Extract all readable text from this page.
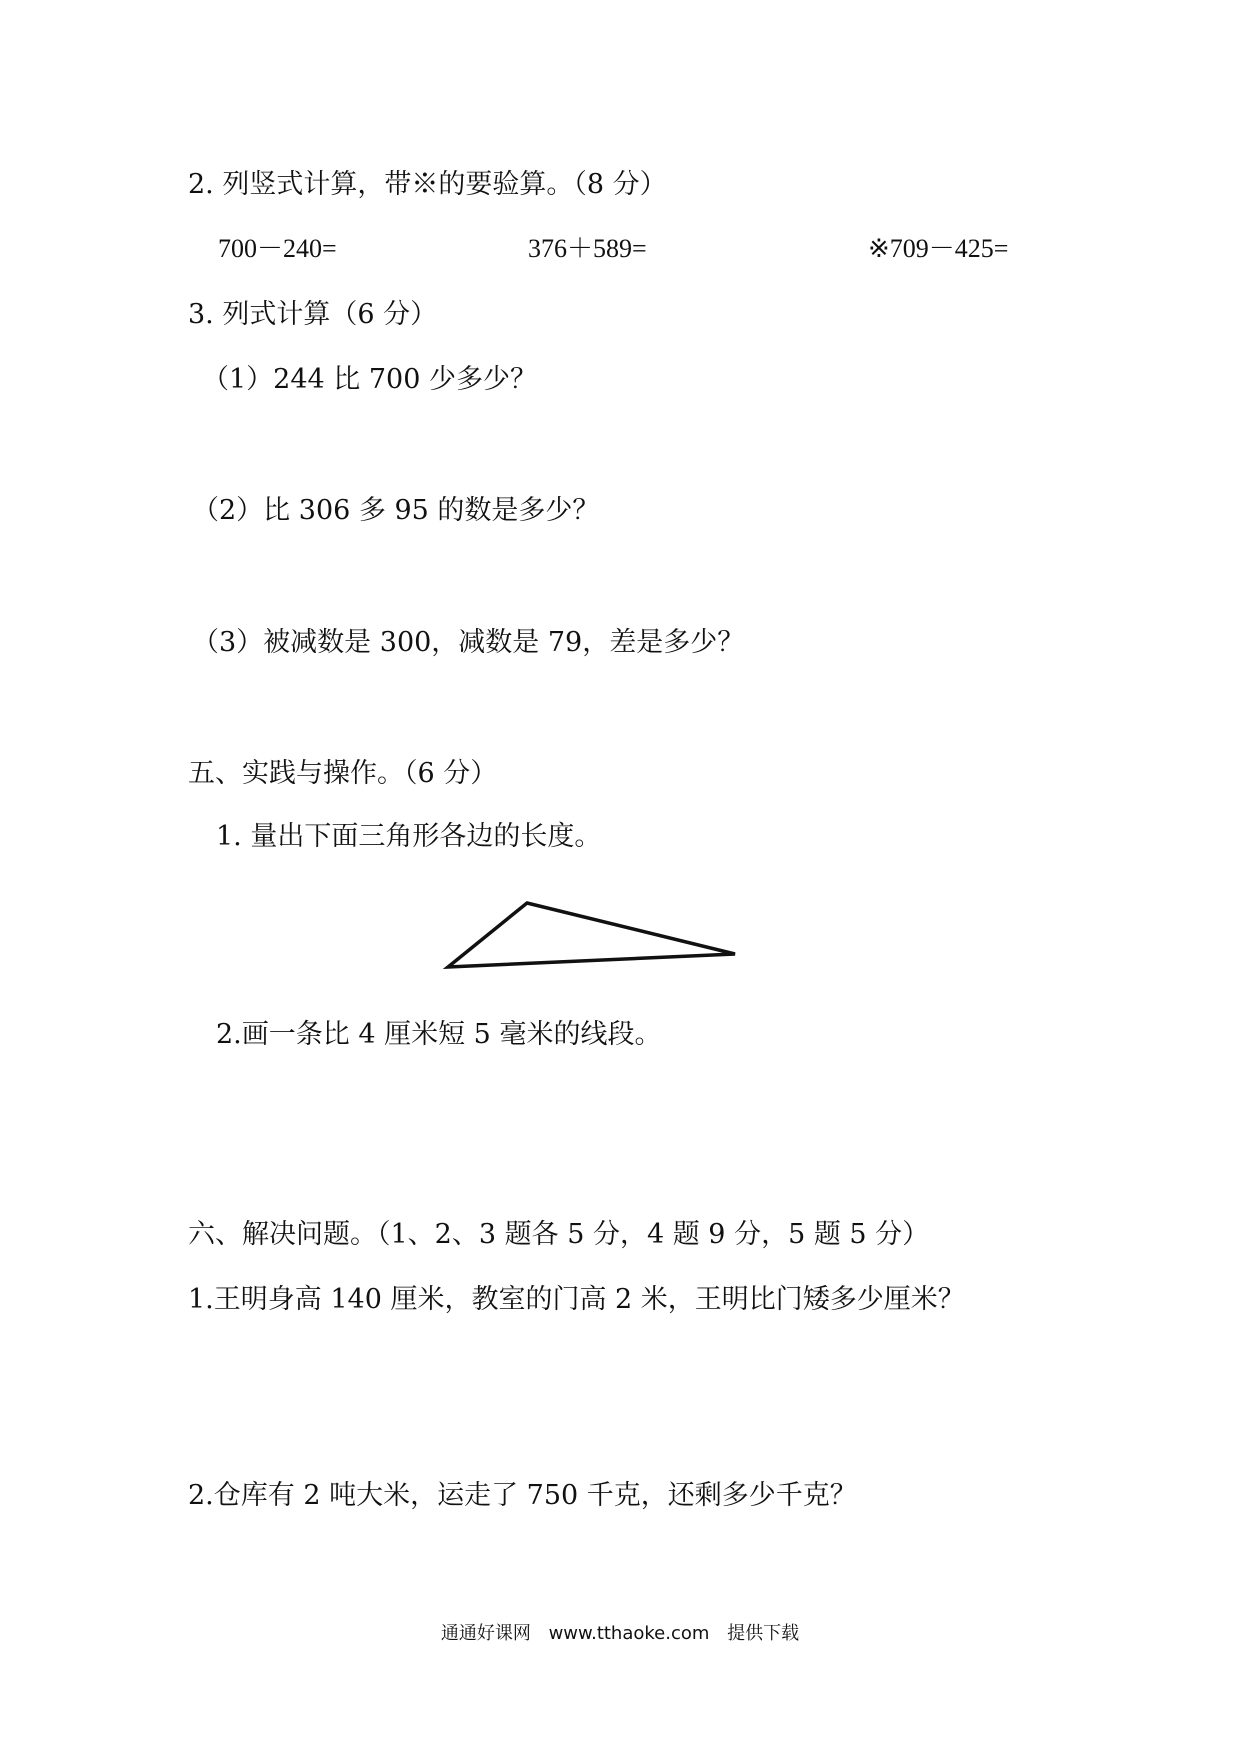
2. 列竖式计算，带※的要验算。（8 分）
700－240=	376＋589=	※709－425=
3. 列式计算（6 分）
（1）244 比 700 少多少？
（2）比 306 多 95 的数是多少？
（3）被减数是 300，减数是 79，差是多少？
五、实践与操作。（6 分）
1. 量出下面三角形各边的长度。
2.画一条比 4 厘米短 5 毫米的线段。
六、解决问题。（1、2、3 题各 5 分，4 题 9 分，5 题 5 分）
1.王明身高 140 厘米，教室的门高 2 米，王明比门矮多少厘米？
2.仓库有 2 吨大米，运走了 750 千克，还剩多少千克？
通通好课网 www.tthaoke.com 提供下载
